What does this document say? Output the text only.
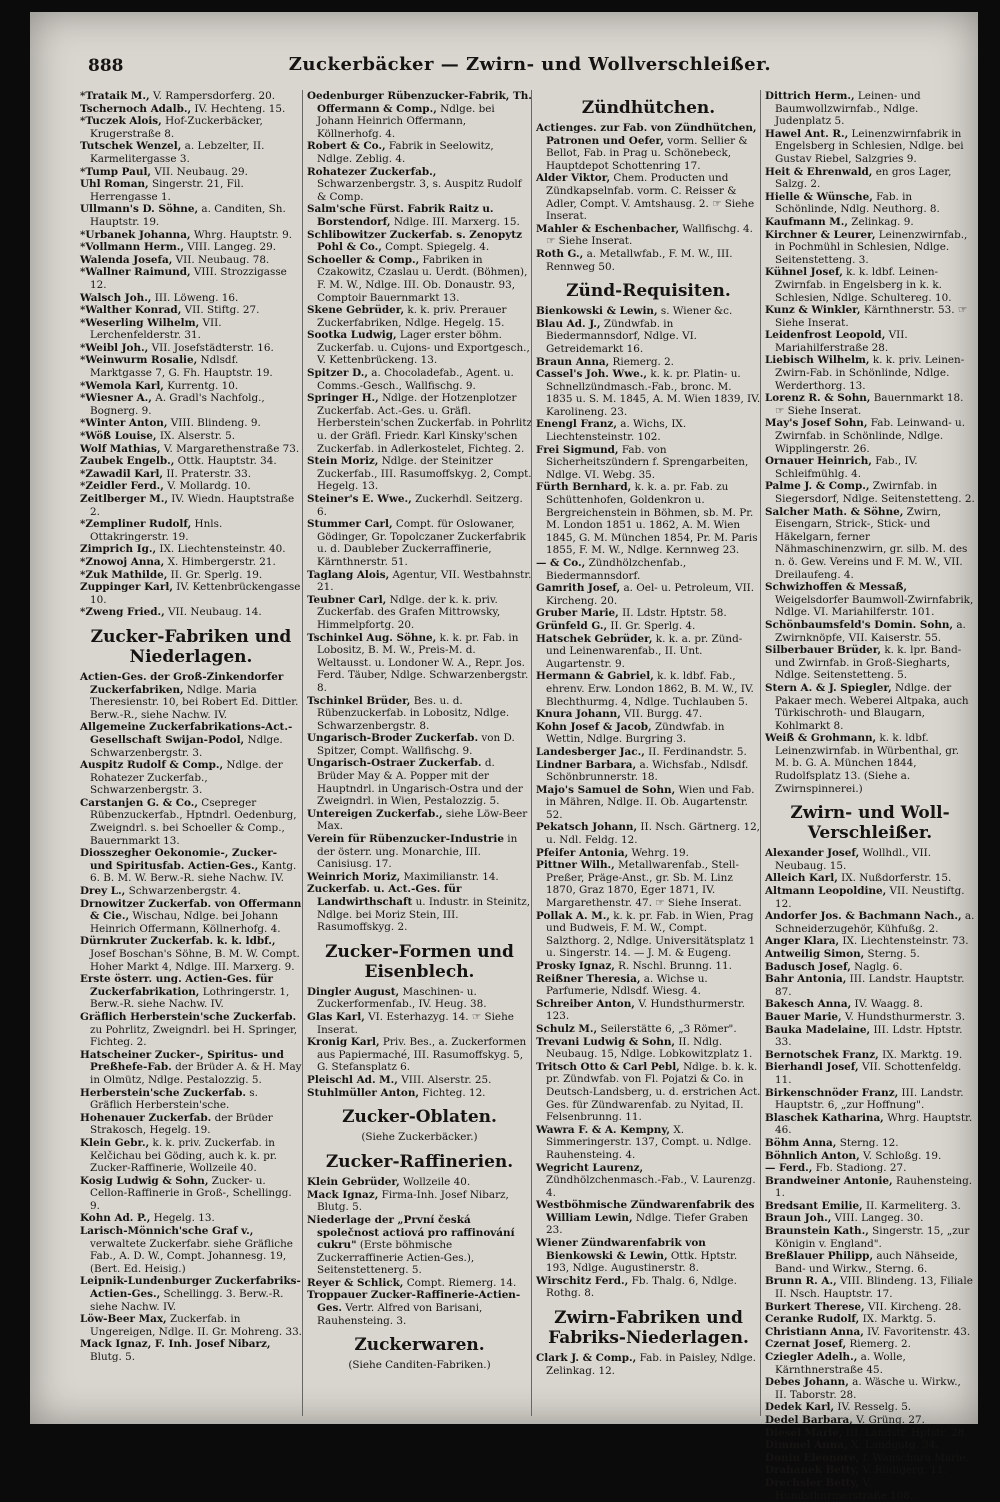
888	Zuckerbäcker — Zwirn- und Wollverschleißer.

*Trataik M., V. Rampersdorferg. 20.

Tschernoch Adalb., IV. Hechteng. 15.

*Tuczek Alois, Hof-Zuckerbäcker, Krugerstraße 8.

Tutschek Wenzel, a. Lebzelter, II. Karmelitergasse 3.

*Tump Paul, VII. Neubaug. 29.

Uhl Roman, Singerstr. 21, Fil. Herrengasse 1.

Ullmann's D. Söhne, a. Canditen, Sh. Hauptstr. 19.

*Urbanek Johanna, Whrg. Hauptstr. 9.

*Vollmann Herm., VIII. Langeg. 29.

Walenda Josefa, VII. Neubaug. 78.

*Wallner Raimund, VIII. Strozzigasse 12.

Walsch Joh., III. Löweng. 16.

*Walther Konrad, VII. Stiftg. 27.

*Weserling Wilhelm, VII. Lerchenfelderstr. 31.

*Weibl Joh., VII. Josefstädterstr. 16.

*Weinwurm Rosalie, Ndlsdf. Marktgasse 7, G. Fh. Hauptstr. 19.

*Wemola Karl, Kurrentg. 10.

*Wiesner A., A. Gradl's Nachfolg., Bognerg. 9.

*Winter Anton, VIII. Blindeng. 9.

*Wöß Louise, IX. Alserstr. 5.

Wolf Mathias, V. Margarethenstraße 73.

Zaubek Engelb., Ottk. Hauptstr. 34.

*Zawadil Karl, II. Praterstr. 33.

*Zeidler Ferd., V. Mollardg. 10.

Zeitlberger M., IV. Wiedn. Hauptstraße 2.

*Zempliner Rudolf, Hnls. Ottakringerstr. 19.

Zimprich Ig., IX. Liechtensteinstr. 40.

*Znowoj Anna, X. Himbergerstr. 21.

*Zuk Mathilde, II. Gr. Sperlg. 19.

Zuppinger Karl, IV. Kettenbrückengasse 10.

*Zweng Fried., VII. Neubaug. 14.

Zucker-Fabriken und Niederlagen.

Actien-Ges. der Groß-Zinkendorfer Zuckerfabriken, Ndlge. Maria Theresienstr. 10, bei Robert Ed. Dittler. Berw.-R., siehe Nachw. IV.

Allgemeine Zuckerfabrikations-Act.-Gesellschaft Swijan-Podol, Ndlge. Schwarzenbergstr. 3.

Auspitz Rudolf & Comp., Ndlge. der Rohatezer Zuckerfab., Schwarzenbergstr. 3.

Carstanjen G. & Co., Csepreger Rübenzuckerfab., Hptndrl. Oedenburg, Zweigndrl. s. bei Schoeller & Comp., Bauernmarkt 13.

Diosszegher Oekonomie-, Zucker- und Spiritusfab. Actien-Ges., Kantg. 6. B. M. W. Berw.-R. siehe Nachw. IV.

Drey L., Schwarzenbergstr. 4.

Drnowitzer Zuckerfab. von Offermann & Cie., Wischau, Ndlge. bei Johann Heinrich Offermann, Köllnerhofg. 4.

Dürnkruter Zuckerfab. k. k. ldbf., Josef Boschan's Söhne, B. M. W. Compt. Hoher Markt 4, Ndlge. III. Marxerg. 9.

Erste österr. ung. Actien-Ges. für Zuckerfabrikation, Lothringerstr. 1, Berw.-R. siehe Nachw. IV.

Gräflich Herberstein'sche Zuckerfab. zu Pohrlitz, Zweigndrl. bei H. Springer, Fichteg. 2.

Hatscheiner Zucker-, Spiritus- und Preßhefe-Fab. der Brüder A. & H. May in Olmütz, Ndlge. Pestalozzig. 5.

Herberstein'sche Zuckerfab. s. Gräflich Herberstein'sche.

Hohenauer Zuckerfab. der Brüder Strakosch, Hegelg. 19.

Klein Gebr., k. k. priv. Zuckerfab. in Kelčichau bei Göding, auch k. k. pr. Zucker-Raffinerie, Wollzeile 40.

Kosig Ludwig & Sohn, Zucker- u. Cellon-Raffinerie in Groß-, Schellingg. 9.

Kohn Ad. P., Hegelg. 13.

Larisch-Mönnich'sche Graf v., verwaltete Zuckerfabr. siehe Gräfliche Fab., A. D. W., Compt. Johannesg. 19, (Bert. Ed. Heisig.)

Leipnik-Lundenburger Zuckerfabriks-Actien-Ges., Schellingg. 3. Berw.-R. siehe Nachw. IV.

Löw-Beer Max, Zuckerfab. in Ungereigen, Ndlge. II. Gr. Mohreng. 33.

Mack Ignaz, F. Inh. Josef Nibarz, Blutg. 5.

Oedenburger Rübenzucker-Fabrik, Th. Offermann & Comp., Ndlge. bei Johann Heinrich Offermann, Köllnerhofg. 4.

Robert & Co., Fabrik in Seelowitz, Ndlge. Zeblig. 4.

Rohatezer Zuckerfab., Schwarzenbergstr. 3, s. Auspitz Rudolf & Comp.

Salm'sche Fürst. Fabrik Raitz u. Borstendorf, Ndlge. III. Marxerg. 15.

Schlibowitzer Zuckerfab. s. Zenopytz Pohl & Co., Compt. Spiegelg. 4.

Schoeller & Comp., Fabriken in Czakowitz, Czaslau u. Uerdt. (Böhmen), F. M. W., Ndlge. III. Ob. Donaustr. 93, Comptoir Bauernmarkt 13.

Skene Gebrüder, k. k. priv. Prerauer Zuckerfabriken, Ndlge. Hegelg. 15.

Sootka Ludwig, Lager erster böhm. Zuckerfab. u. Cujons- und Exportgesch., V. Kettenbrückeng. 13.

Spitzer D., a. Chocoladefab., Agent. u. Comms.-Gesch., Wallfischg. 9.

Springer H., Ndlge. der Hotzenplotzer Zuckerfab. Act.-Ges. u. Gräfl. Herberstein'schen Zuckerfab. in Pohrlitz u. der Gräfl. Friedr. Karl Kinsky'schen Zuckerfab. in Adlerkostelet, Fichteg. 2.

Stein Moriz, Ndlge. der Steinitzer Zuckerfab., III. Rasumoffskyg. 2, Compt. Hegelg. 13.

Steiner's E. Wwe., Zuckerhdl. Seitzerg. 6.

Stummer Carl, Compt. für Oslowaner, Gödinger, Gr. Topolczaner Zuckerfabrik u. d. Daubleber Zuckerraffinerie, Kärnthnerstr. 51.

Taglang Alois, Agentur, VII. Westbahnstr. 21.

Teubner Carl, Ndlge. der k. k. priv. Zuckerfab. des Grafen Mittrowsky, Himmelpfortg. 20.

Tschinkel Aug. Söhne, k. k. pr. Fab. in Lobositz, B. M. W., Preis-M. d. Weltausst. u. Londoner W. A., Repr. Jos. Ferd. Täuber, Ndlge. Schwarzenbergstr. 8.

Tschinkel Brüder, Bes. u. d. Rübenzuckerfab. in Lobositz, Ndlge. Schwarzenbergstr. 8.

Ungarisch-Broder Zuckerfab. von D. Spitzer, Compt. Wallfischg. 9.

Ungarisch-Ostraer Zuckerfab. d. Brüder May & A. Popper mit der Hauptndrl. in Ungarisch-Ostra und der Zweigndrl. in Wien, Pestalozzig. 5.

Untereigen Zuckerfab., siehe Löw-Beer Max.

Verein für Rübenzucker-Industrie in der österr. ung. Monarchie, III. Canisiusg. 17.

Weinrich Moriz, Maximilianstr. 14.

Zuckerfab. u. Act.-Ges. für Landwirthschaft u. Industr. in Steinitz, Ndlge. bei Moriz Stein, III. Rasumoffskyg. 2.

Zucker-Formen und Eisenblech.

Dingler August, Maschinen- u. Zuckerformenfab., IV. Heug. 38.

Glas Karl, VI. Esterhazyg. 14. ☞ Siehe Inserat.

Kronig Karl, Priv. Bes., a. Zuckerformen aus Papiermaché, III. Rasumoffskyg. 5, G. Stefansplatz 6.

Pleischl Ad. M., VIII. Alserstr. 25.

Stuhlmüller Anton, Fichteg. 12.

Zucker-Oblaten.
(Siehe Zuckerbäcker.)
Zucker-Raffinerien.

Klein Gebrüder, Wollzeile 40.

Mack Ignaz, Firma-Inh. Josef Nibarz, Blutg. 5.

Niederlage der „První česká společnost actiová pro raffinování cukru" (Erste böhmische Zuckerraffinerie Actien-Ges.), Seitenstettenerg. 5.

Reyer & Schlick, Compt. Riemerg. 14.

Troppauer Zucker-Raffinerie-Actien-Ges. Vertr. Alfred von Barisani, Rauhensteing. 3.

Zuckerwaren.
(Siehe Canditen-Fabriken.)
Zündhütchen.

Actienges. zur Fab. von Zündhütchen, Patronen und Oefer, vorm. Sellier & Bellot, Fab. in Prag u. Schönebeck, Hauptdepot Schottenring 17.

Alder Viktor, Chem. Producten und Zündkapselnfab. vorm. C. Reisser & Adler, Compt. V. Amtshausg. 2. ☞ Siehe Inserat.

Mahler & Eschenbacher, Wallfischg. 4. ☞ Siehe Inserat.

Roth G., a. Metallwfab., F. M. W., III. Rennweg 50.

Zünd-Requisiten.

Bienkowski & Lewin, s. Wiener &c.

Blau Ad. J., Zündwfab. in Biedermannsdorf, Ndlge. VI. Getreidemarkt 16.

Braun Anna, Riemerg. 2.

Cassel's Joh. Wwe., k. k. pr. Platin- u. Schnellzündmasch.-Fab., bronc. M. 1835 u. S. M. 1845, A. M. Wien 1839, IV. Karolineng. 23.

Enengl Franz, a. Wichs, IX. Liechtensteinstr. 102.

Frei Sigmund, Fab. von Sicherheitszündern f. Sprengarbeiten, Ndlge. VI. Webg. 35.

Fürth Bernhard, k. k. a. pr. Fab. zu Schüttenhofen, Goldenkron u. Bergreichenstein in Böhmen, sb. M. Pr. M. London 1851 u. 1862, A. M. Wien 1845, G. M. München 1854, Pr. M. Paris 1855, F. M. W., Ndlge. Kernnweg 23.

— & Co., Zündhölzchenfab., Biedermannsdorf.

Gamrith Josef, a. Oel- u. Petroleum, VII. Kircheng. 20.

Gruber Marie, II. Ldstr. Hptstr. 58.

Grünfeld G., II. Gr. Sperlg. 4.

Hatschek Gebrüder, k. k. a. pr. Zünd- und Leinenwarenfab., II. Unt. Augartenstr. 9.

Hermann & Gabriel, k. k. ldbf. Fab., ehrenv. Erw. London 1862, B. M. W., IV. Blechthurmg. 4, Ndlge. Tuchlauben 5.

Knura Johann, VII. Burgg. 47.

Kohn Josef & Jacob, Zündwfab. in Wettin, Ndlge. Burgring 3.

Landesberger Jac., II. Ferdinandstr. 5.

Lindner Barbara, a. Wichsfab., Ndlsdf. Schönbrunnerstr. 18.

Majo's Samuel de Sohn, Wien und Fab. in Mähren, Ndlge. II. Ob. Augartenstr. 52.

Pekatsch Johann, II. Nsch. Gärtnerg. 12, u. Ndl. Feldg. 12.

Pfeifer Antonia, Wehrg. 19.

Pittner Wilh., Metallwarenfab., Stell-Preßer, Präge-Anst., gr. Sb. M. Linz 1870, Graz 1870, Eger 1871, IV. Margarethenstr. 47. ☞ Siehe Inserat.

Pollak A. M., k. k. pr. Fab. in Wien, Prag und Budweis, F. M. W., Compt. Salzthorg. 2, Ndlge. Universitätsplatz 1 u. Singerstr. 14. — J. M. & Eugeng.

Prosky Ignaz, R. Nschl. Brunng. 11.

Reißner Theresia, a. Wichse u. Parfumerie, Ndlsdf. Wiesg. 4.

Schreiber Anton, V. Hundsthurmerstr. 123.

Schulz M., Seilerstätte 6, „3 Römer".

Trevani Ludwig & Sohn, II. Ndlg. Neubaug. 15, Ndlge. Lobkowitzplatz 1.

Tritsch Otto & Carl Pebl, Ndlge. b. k. k. pr. Zündwfab. von Fl. Pojatzi & Co. in Deutsch-Landsberg, u. d. erstrichen Act. Ges. für Zündwarenfab. zu Nyitad, II. Felsenbrunng. 11.

Wawra F. & A. Kempny, X. Simmeringerstr. 137, Compt. u. Ndlge. Rauhensteing. 4.

Wegricht Laurenz, Zündhölzchenmasch.-Fab., V. Laurenzg. 4.

Westböhmische Zündwarenfabrik des William Lewin, Ndlge. Tiefer Graben 23.

Wiener Zündwarenfabrik von Bienkowski & Lewin, Ottk. Hptstr. 193, Ndlge. Augustinerstr. 8.

Wirschitz Ferd., Fb. Thalg. 6, Ndlge. Rothg. 8.

Zwirn-Fabriken und Fabriks-Niederlagen.

Clark J. & Comp., Fab. in Paisley, Ndlge. Zelinkag. 12.

Dittrich Herm., Leinen- und Baumwollzwirnfab., Ndlge. Judenplatz 5.

Hawel Ant. R., Leinenzwirnfabrik in Engelsberg in Schlesien, Ndlge. bei Gustav Riebel, Salzgries 9.

Heit & Ehrenwald, en gros Lager, Salzg. 2.

Hielle & Wünsche, Fab. in Schönlinde, Ndlg. Neuthorg. 8.

Kaufmann M., Zelinkag. 9.

Kirchner & Leurer, Leinenzwirnfab., in Pochmühl in Schlesien, Ndlge. Seitenstetteng. 3.

Kühnel Josef, k. k. ldbf. Leinen-Zwirnfab. in Engelsberg in k. k. Schlesien, Ndlge. Schultereg. 10.

Kunz & Winkler, Kärnthnerstr. 53. ☞ Siehe Inserat.

Leidenfrost Leopold, VII. Mariahilferstraße 28.

Liebisch Wilhelm, k. k. priv. Leinen-Zwirn-Fab. in Schönlinde, Ndlge. Werderthorg. 13.

Lorenz R. & Sohn, Bauernmarkt 18. ☞ Siehe Inserat.

May's Josef Sohn, Fab. Leinwand- u. Zwirnfab. in Schönlinde, Ndlge. Wipplingerstr. 26.

Ornauer Heinrich, Fab., IV. Schleifmühlg. 4.

Palme J. & Comp., Zwirnfab. in Siegersdorf, Ndlge. Seitenstetteng. 2.

Salcher Math. & Söhne, Zwirn, Eisengarn, Strick-, Stick- und Häkelgarn, ferner Nähmaschinenzwirn, gr. silb. M. des n. ö. Gew. Vereins und F. M. W., VII. Dreilaufeng. 4.

Schwizhoffen & Messaß, Weigelsdorfer Baumwoll-Zwirnfabrik, Ndlge. VI. Mariahilferstr. 101.

Schönbaumsfeld's Domin. Sohn, a. Zwirnknöpfe, VII. Kaiserstr. 55.

Silberbauer Brüder, k. k. lpr. Band- und Zwirnfab. in Groß-Siegharts, Ndlge. Seitenstetteng. 5.

Stern A. & J. Spiegler, Ndlge. der Pakaer mech. Weberei Altpaka, auch Türkischroth- und Blaugarn, Kohlmarkt 8.

Weiß & Grohmann, k. k. ldbf. Leinenzwirnfab. in Würbenthal, gr. M. b. G. A. München 1844, Rudolfsplatz 13. (Siehe a. Zwirnspinnerei.)

Zwirn- und Woll-Verschleißer.

Alexander Josef, Wollhdl., VII. Neubaug. 15.

Alleich Karl, IX. Nußdorferstr. 15.

Altmann Leopoldine, VII. Neustiftg. 12.

Andorfer Jos. & Bachmann Nach., a. Schneiderzugehör, Kühfußg. 2.

Anger Klara, IX. Liechtensteinstr. 73.

Antweilig Simon, Sterng. 5.

Badusch Josef, Naglg. 6.

Bahr Antonia, III. Landstr. Hauptstr. 87.

Bakesch Anna, IV. Waagg. 8.

Bauer Marie, V. Hundsthurmerstr. 3.

Bauka Madelaine, III. Ldstr. Hptstr. 33.

Bernotschek Franz, IX. Marktg. 19.

Bierhandl Josef, VII. Schottenfeldg. 11.

Birkenschnöder Franz, III. Landstr. Hauptstr. 6, „zur Hoffnung".

Blaschek Katharina, Whrg. Hauptstr. 46.

Böhm Anna, Sterng. 12.

Böhnlich Anton, V. Schloßg. 19.

— Ferd., Fb. Stadiong. 27.

Brandweiner Antonie, Rauhensteing. 1.

Bredsant Emilie, II. Karmeliterg. 3.

Braun Joh., VIII. Langeg. 30.

Braunstein Kath., Singerstr. 15, „zur Königin v. England".

Breßlauer Philipp, auch Nähseide, Band- und Wirkw., Sterng. 6.

Brunn R. A., VIII. Blindeng. 13, Filiale II. Nsch. Hauptstr. 17.

Burkert Therese, VII. Kircheng. 28.

Ceranke Rudolf, IX. Marktg. 5.

Christiann Anna, IV. Favoritenstr. 43.

Czernat Josef, Riemerg. 2.

Cziegler Adelh., a. Wolle, Kärnthnerstraße 45.

Debes Johann, a. Wäsche u. Wirkw., II. Taborstr. 28.

Dedek Karl, IV. Resselg. 5.

Dedel Barbara, V. Grüng. 27.

Diesel Marie, III. Landstr. Hptstr. 28.

Dimmel Anna, X. Landgutg. 34.

Donin Eleonore, f. Wanschura Marie.

Drahanek Betty, V. Rüdigerg. 11.

Drechsler Betty, V. Hundsthurmerstraße 108.
